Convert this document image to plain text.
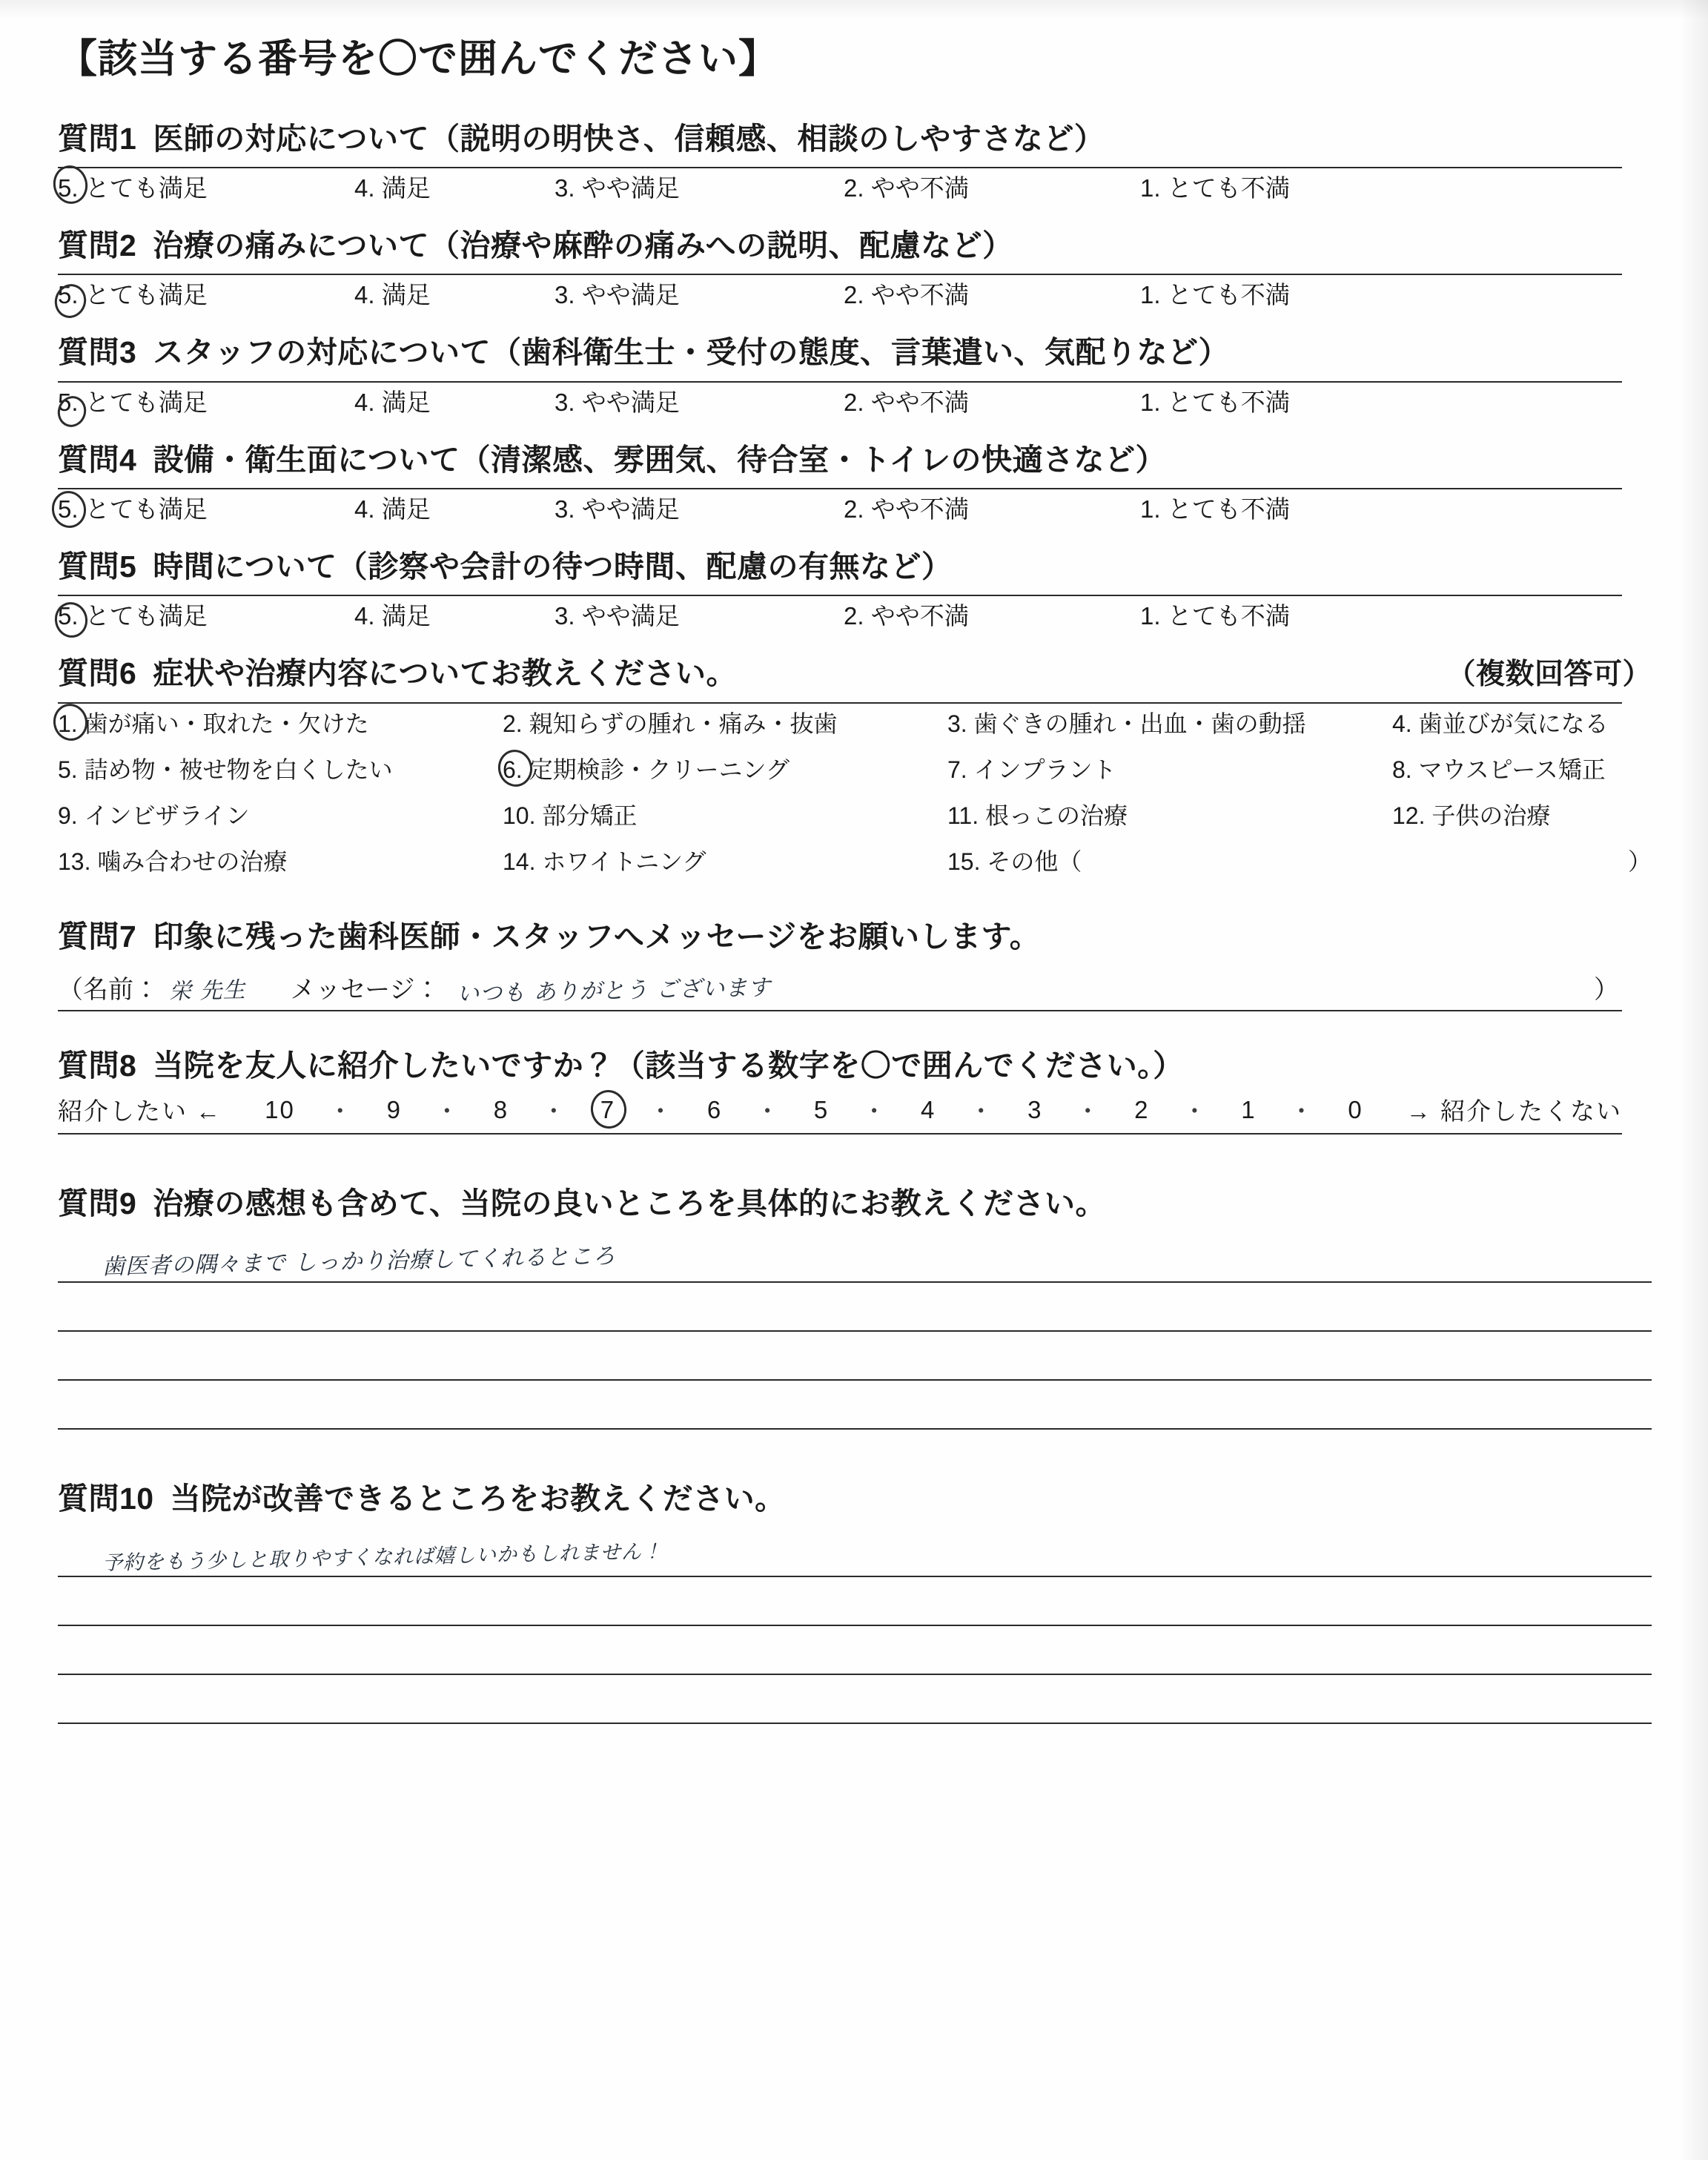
【該当する番号を〇で囲んでください】
質問1 医師の対応について（説明の明快さ、信頼感、相談のしやすさなど）
5. とても満足	4. 満足	3. やや満足	2. やや不満	1. とても不満
質問2 治療の痛みについて（治療や麻酔の痛みへの説明、配慮など）
5. とても満足	4. 満足	3. やや満足	2. やや不満	1. とても不満
質問3 スタッフの対応について（歯科衛生士・受付の態度、言葉遣い、気配りなど）
5. とても満足	4. 満足	3. やや満足	2. やや不満	1. とても不満
質問4 設備・衛生面について（清潔感、雰囲気、待合室・トイレの快適さなど）
5. とても満足	4. 満足	3. やや満足	2. やや不満	1. とても不満
質問5 時間について（診察や会計の待つ時間、配慮の有無など）
5. とても満足	4. 満足	3. やや満足	2. やや不満	1. とても不満
質問6 症状や治療内容についてお教えください。	（複数回答可）
1. 歯が痛い・取れた・欠けた	2. 親知らずの腫れ・痛み・抜歯	3. 歯ぐきの腫れ・出血・歯の動揺	4. 歯並びが気になる
5. 詰め物・被せ物を白くしたい	6. 定期検診・クリーニング	7. インプラント	8. マウスピース矯正
9. インビザライン	10. 部分矯正	11. 根っこの治療	12. 子供の治療
13. 噛み合わせの治療	14. ホワイトニング	15. その他（	）
質問7 印象に残った歯科医師・スタッフへメッセージをお願いします。
（名前： 栄 先生 メッセージ： いつも ありがとう ございます	）
質問8 当院を友人に紹介したいですか？（該当する数字を〇で囲んでください。）
紹介したい ← 10 ・ 9 ・ 8 ・ 7 ・ 6 ・ 5 ・ 4 ・ 3 ・ 2 ・ 1 ・ 0 → 紹介したくない
質問9 治療の感想も含めて、当院の良いところを具体的にお教えください。
歯医者の隅々まで しっかり治療してくれるところ
質問10 当院が改善できるところをお教えください。
予約をもう少しと取りやすくなれば嬉しいかもしれません！
